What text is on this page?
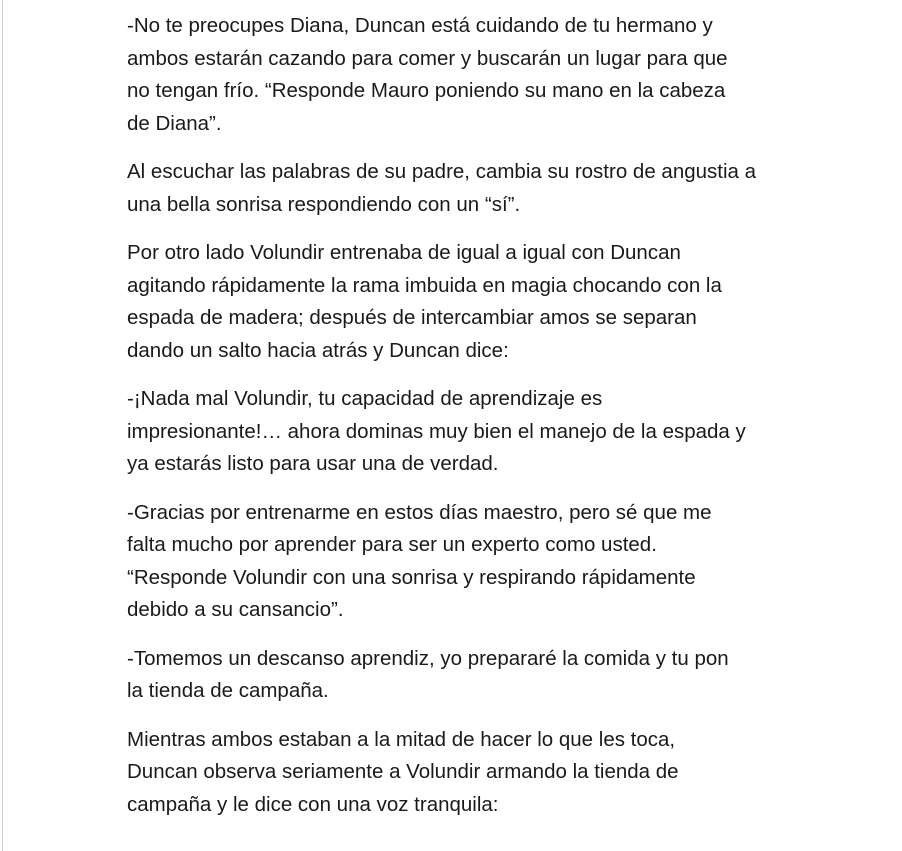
-No te preocupes Diana, Duncan está cuidando de tu hermano y
ambos estarán cazando para comer y buscarán un lugar para que
no tengan frío. “Responde Mauro poniendo su mano en la cabeza
de Diana”.

Al escuchar las palabras de su padre, cambia su rostro de angustia a
una bella sonrisa respondiendo con un “sí”.

Por otro lado Volundir entrenaba de igual a igual con Duncan
agitando rápidamente la rama imbuida en magia chocando con la
espada de madera; después de intercambiar amos se separan
dando un salto hacia atrás y Duncan dice:

-¡Nada mal Volundir, tu capacidad de aprendizaje es
impresionante!… ahora dominas muy bien el manejo de la espada y
ya estarás listo para usar una de verdad.

-Gracias por entrenarme en estos días maestro, pero sé que me
falta mucho por aprender para ser un experto como usted.
“Responde Volundir con una sonrisa y respirando rápidamente
debido a su cansancio”.

-Tomemos un descanso aprendiz, yo prepararé la comida y tu pon
la tienda de campaña.

Mientras ambos estaban a la mitad de hacer lo que les toca,
Duncan observa seriamente a Volundir armando la tienda de
campaña y le dice con una voz tranquila:
